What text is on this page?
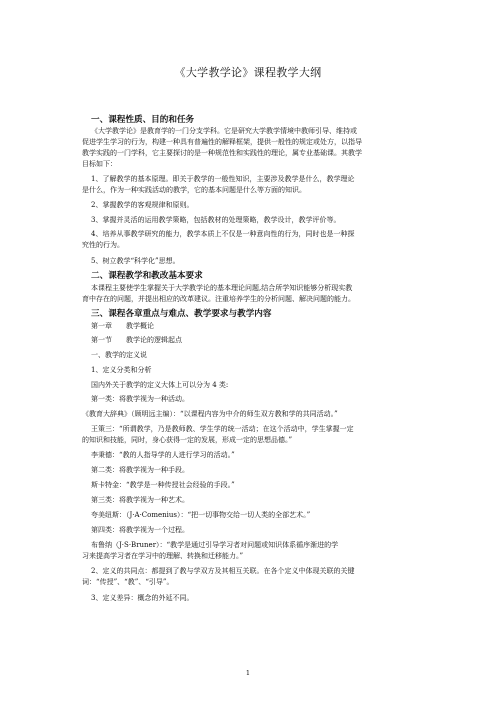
《大学教学论》课程教学大纲
一、课程性质、目的和任务
《大学教学论》是教育学的一门分支学科。它是研究大学教学情境中教师引导、维持或
促进学生学习的行为，构建一种具有普遍性的解释框架，提供一般性的规定或处方，以指导
教学实践的一门学科，它主要探讨的是一种规范性和实践性的理论，属专业基础课。其教学
目标如下：
1、了解教学的基本原理。即关于教学的一般性知识，主要涉及教学是什么，教学理论
是什么，作为一种实践活动的教学，它的基本问题是什么等方面的知识。
2、掌握教学的客观规律和原则。
3、掌握并灵活的运用教学策略，包括教材的处理策略，教学设计，教学评价等。
4、培养从事教学研究的能力，教学本质上不仅是一种意向性的行为，同时也是一种探
究性的行为。
5、树立教学“科学化”思想。
二、课程教学和教改基本要求
本课程主要使学生掌握关于大学教学论的基本理论问题,结合所学知识能够分析现实教
育中存在的问题，并提出相应的改革建议。注重培养学生的分析问题、解决问题的能力。
三、课程各章重点与难点、教学要求与教学内容
第一章　　教学概论
第一节　　教学论的逻辑起点
一、教学的定义说
1、定义分类和分析
国内外关于教学的定义大体上可以分为 4 类:
第一类：将教学视为一种活动。
《教育大辞典》（顾明远主编）：“以课程内容为中介的师生双方教和学的共同活动。”
王策三：“所谓教学，乃是教师教、学生学的统一活动；在这个活动中，学生掌握一定
的知识和技能，同时，身心获得一定的发展，形成一定的思想品德。”
李秉德：“教的人指导学的人进行学习的活动。”
第二类：将教学视为一种手段。
斯卡特金：“教学是一种传授社会经验的手段。”
第三类：将教学视为一种艺术。
夸美纽斯：（J·A·Comenius）：“把一切事物交给一切人类的全部艺术。”
第四类：将教学视为一个过程。
布鲁纳（J·S·Bruner）：“教学是通过引导学习者对问题或知识体系循序渐进的学
习来提高学习者在学习中的理解、转换和迁移能力。”
2、定义的共同点：都提到了教与学双方及其相互关联。在各个定义中体现关联的关键
词：“传授”、“教”、“引导”。
3、定义差异：概念的外延不同。
1
